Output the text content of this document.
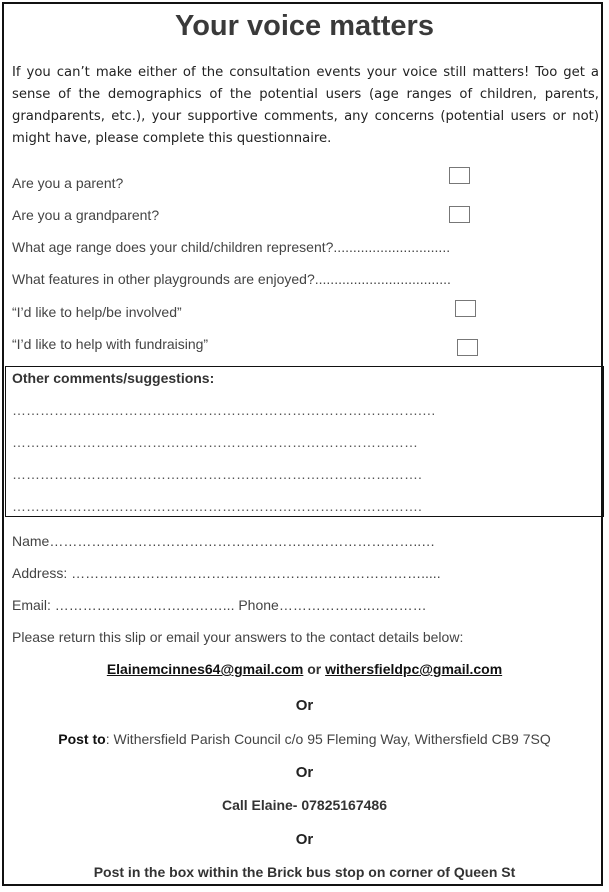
Your voice matters
If you can’t make either of the consultation events your voice still matters! Too get a sense of the demographics of the potential users (age ranges of children, parents, grandparents, etc.), your supportive comments, any concerns (potential users or not) might have, please complete this questionnaire.
Are you a parent?
Are you a grandparent?
What age range does your child/children represent?..............................
What features in other playgrounds are enjoyed?...................................
“I’d like to help/be involved”
“I’d like to help with fundraising”
Other comments/suggestions:
…………………………………………………………………………….…
……………………………………………………………………………
…………………………………………………………………………….
…………………………………………………………………………….
Name……………………………………………………………………..…
Address: ………………………………………………………………….....
Email: ………………………………... Phone………………..…………
Please return this slip or email your answers to the contact details below:
Elainemcinnes64@gmail.com or withersfieldpc@gmail.com
Or
Post to: Withersfield Parish Council c/o 95 Fleming Way, Withersfield CB9 7SQ
Or
Call Elaine- 07825167486
Or
Post in the box within the Brick bus stop on corner of Queen St
